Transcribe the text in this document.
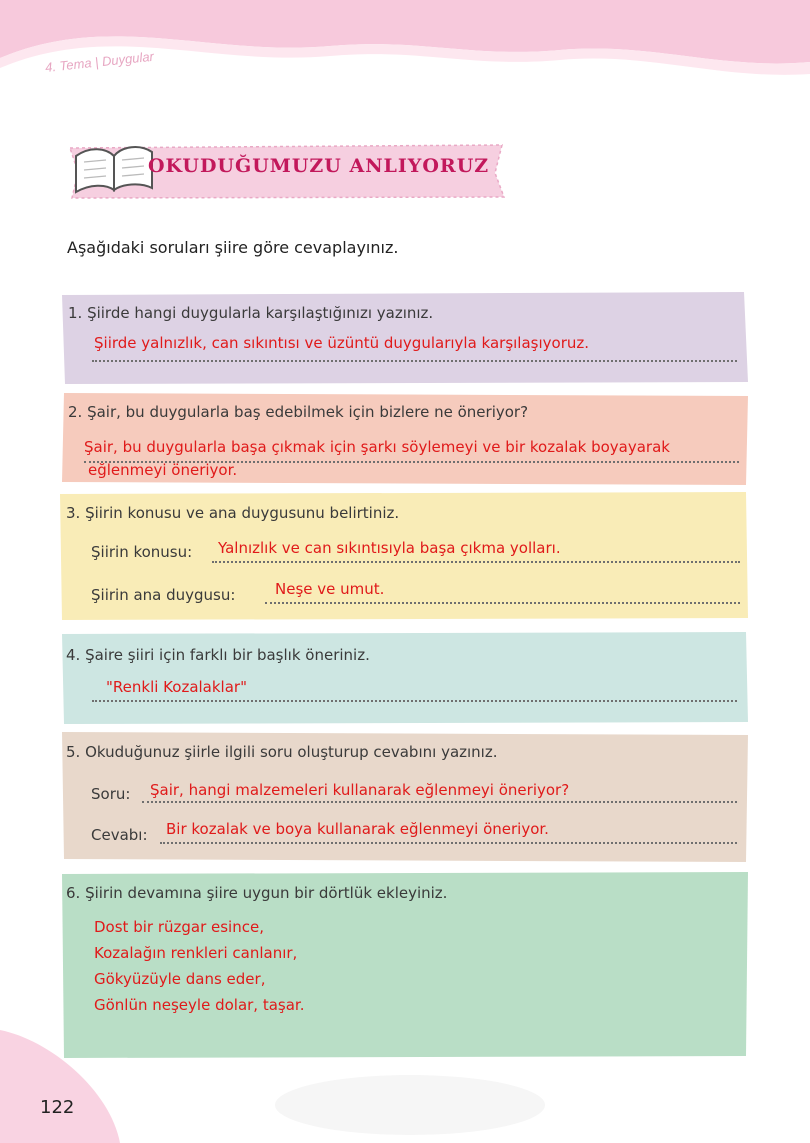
4. Tema | Duygular
OKUDUĞUMUZU ANLIYORUZ
Aşağıdaki soruları şiire göre cevaplayınız.
1. Şiirde hangi duygularla karşılaştığınızı yazınız.
Şiirde yalnızlık, can sıkıntısı ve üzüntü duygularıyla karşılaşıyoruz.
2. Şair, bu duygularla baş edebilmek için bizlere ne öneriyor?
Şair, bu duygularla başa çıkmak için şarkı söylemeyi ve bir kozalak boyayarak
eğlenmeyi öneriyor.
3. Şiirin konusu ve ana duygusunu belirtiniz.
Şiirin konusu: Yalnızlık ve can sıkıntısıyla başa çıkma yolları.
Şiirin ana duygusu:	Neşe ve umut.
4. Şaire şiiri için farklı bir başlık öneriniz.
"Renkli Kozalaklar"
5. Okuduğunuz şiirle ilgili soru oluşturup cevabını yazınız.
Soru: Şair, hangi malzemeleri kullanarak eğlenmeyi öneriyor?
Cevabı: Bir kozalak ve boya kullanarak eğlenmeyi öneriyor.
6. Şiirin devamına şiire uygun bir dörtlük ekleyiniz.
Dost bir rüzgar esince,
Kozalağın renkleri canlanır,
Gökyüzüyle dans eder,
Gönlün neşeyle dolar, taşar.
122
